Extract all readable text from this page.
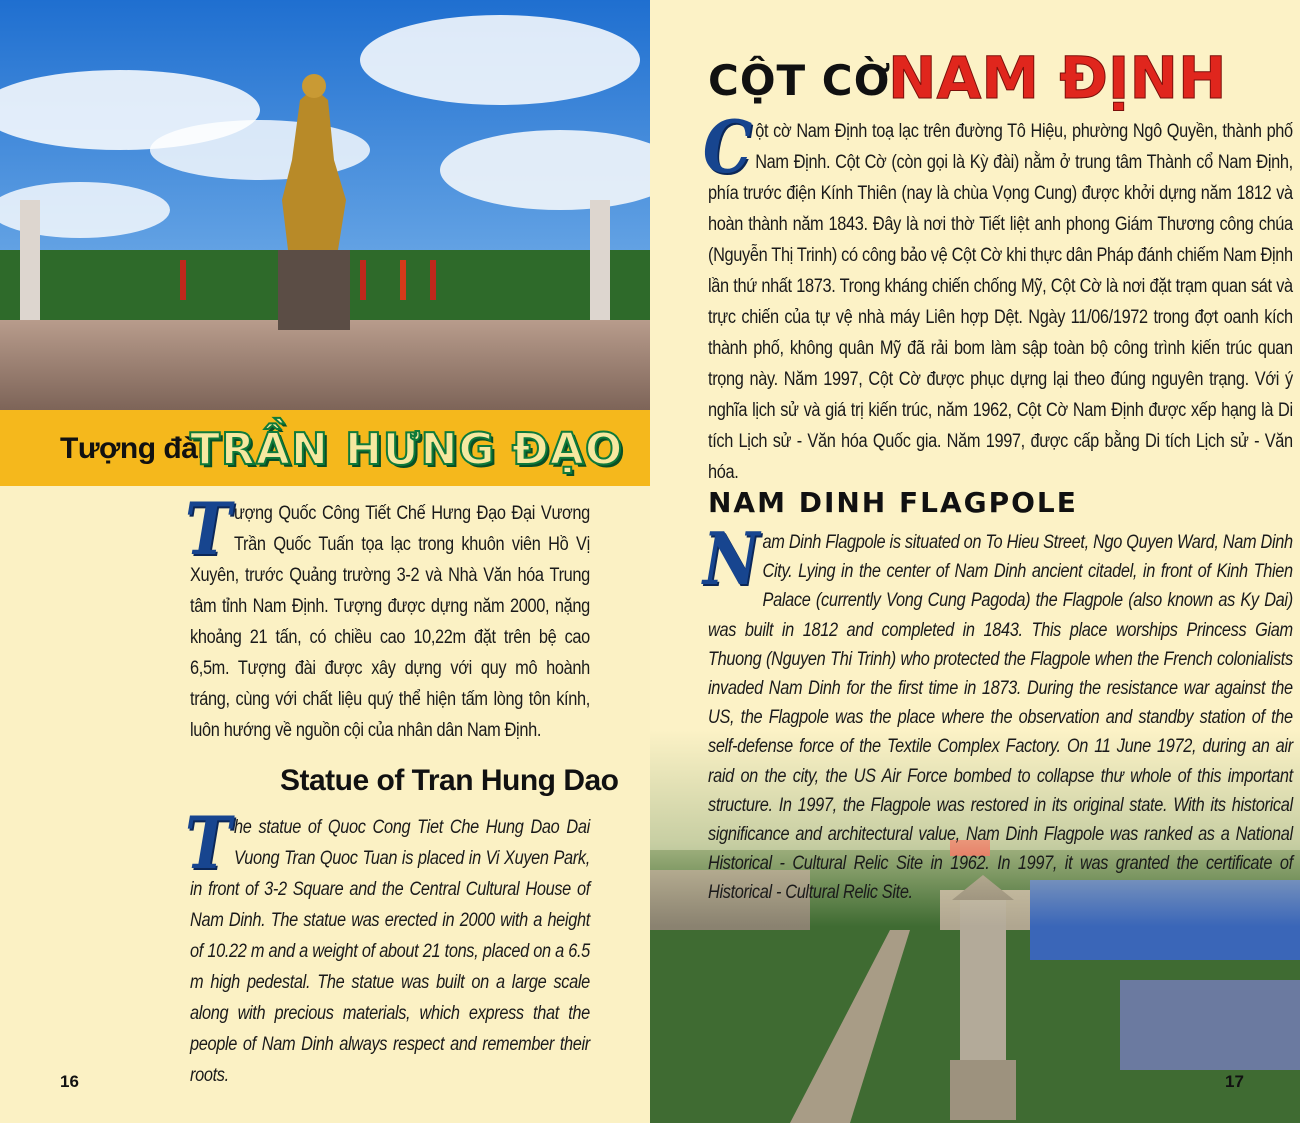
Tượng đài
TRẦN HƯNG ĐẠO
Tượng Quốc Công Tiết Chế Hưng Đạo Đại Vương Trần Quốc Tuấn tọa lạc trong khuôn viên Hồ Vị Xuyên, trước Quảng trường 3-2 và Nhà Văn hóa Trung tâm tỉnh Nam Định. Tượng được dựng năm 2000, nặng khoảng 21 tấn, có chiều cao 10,22m đặt trên bệ cao 6,5m. Tượng đài được xây dựng với quy mô hoành tráng, cùng với chất liệu quý thể hiện tấm lòng tôn kính, luôn hướng về nguồn cội của nhân dân Nam Định.
Statue of Tran Hung Dao
The statue of Quoc Cong Tiet Che Hung Dao Dai Vuong Tran Quoc Tuan is placed in Vi Xuyen Park, in front of 3-2 Square and the Central Cultural House of Nam Dinh. The statue was erected in 2000 with a height of 10.22 m and a weight of about 21 tons, placed on a 6.5 m high pedestal. The statue was built on a large scale along with precious materials, which express that the people of Nam Dinh always respect and remember their roots.
16
CỘT CỜ
NAM ĐỊNH
Cột cờ Nam Định toạ lạc trên đường Tô Hiệu, phường Ngô Quyền, thành phố Nam Định. Cột Cờ (còn gọi là Kỳ đài) nằm ở trung tâm Thành cổ Nam Định, phía trước điện Kính Thiên (nay là chùa Vọng Cung) được khởi dựng năm 1812 và hoàn thành năm 1843. Đây là nơi thờ Tiết liệt anh phong Giám Thương công chúa (Nguyễn Thị Trinh) có công bảo vệ Cột Cờ khi thực dân Pháp đánh chiếm Nam Định lần thứ nhất 1873. Trong kháng chiến chống Mỹ, Cột Cờ là nơi đặt trạm quan sát và trực chiến của tự vệ nhà máy Liên hợp Dệt. Ngày 11/06/1972 trong đợt oanh kích thành phố, không quân Mỹ đã rải bom làm sập toàn bộ công trình kiến trúc quan trọng này. Năm 1997, Cột Cờ được phục dựng lại theo đúng nguyên trạng. Với ý nghĩa lịch sử và giá trị kiến trúc, năm 1962, Cột Cờ Nam Định được xếp hạng là Di tích Lịch sử - Văn hóa Quốc gia. Năm 1997, được cấp bằng Di tích Lịch sử - Văn hóa.
NAM DINH FLAGPOLE
Nam Dinh Flagpole is situated on To Hieu Street, Ngo Quyen Ward, Nam Dinh City. Lying in the center of Nam Dinh ancient citadel, in front of Kinh Thien Palace (currently Vong Cung Pagoda) the Flagpole (also known as Ky Dai) was built in 1812 and completed in 1843. This place worships Princess Giam Thuong (Nguyen Thi Trinh) who protected the Flagpole when the French colonialists invaded Nam Dinh for the first time in 1873. During the resistance war against the US, the Flagpole was the place where the observation and standby station of the self-defense force of the Textile Complex Factory. On 11 June 1972, during an air raid on the city, the US Air Force bombed to collapse thư whole of this important structure. In 1997, the Flagpole was restored in its original state. With its historical significance and architectural value, Nam Dinh Flagpole was ranked as a National Historical - Cultural Relic Site in 1962. In 1997, it was granted the certificate of Historical - Cultural Relic Site.
17
